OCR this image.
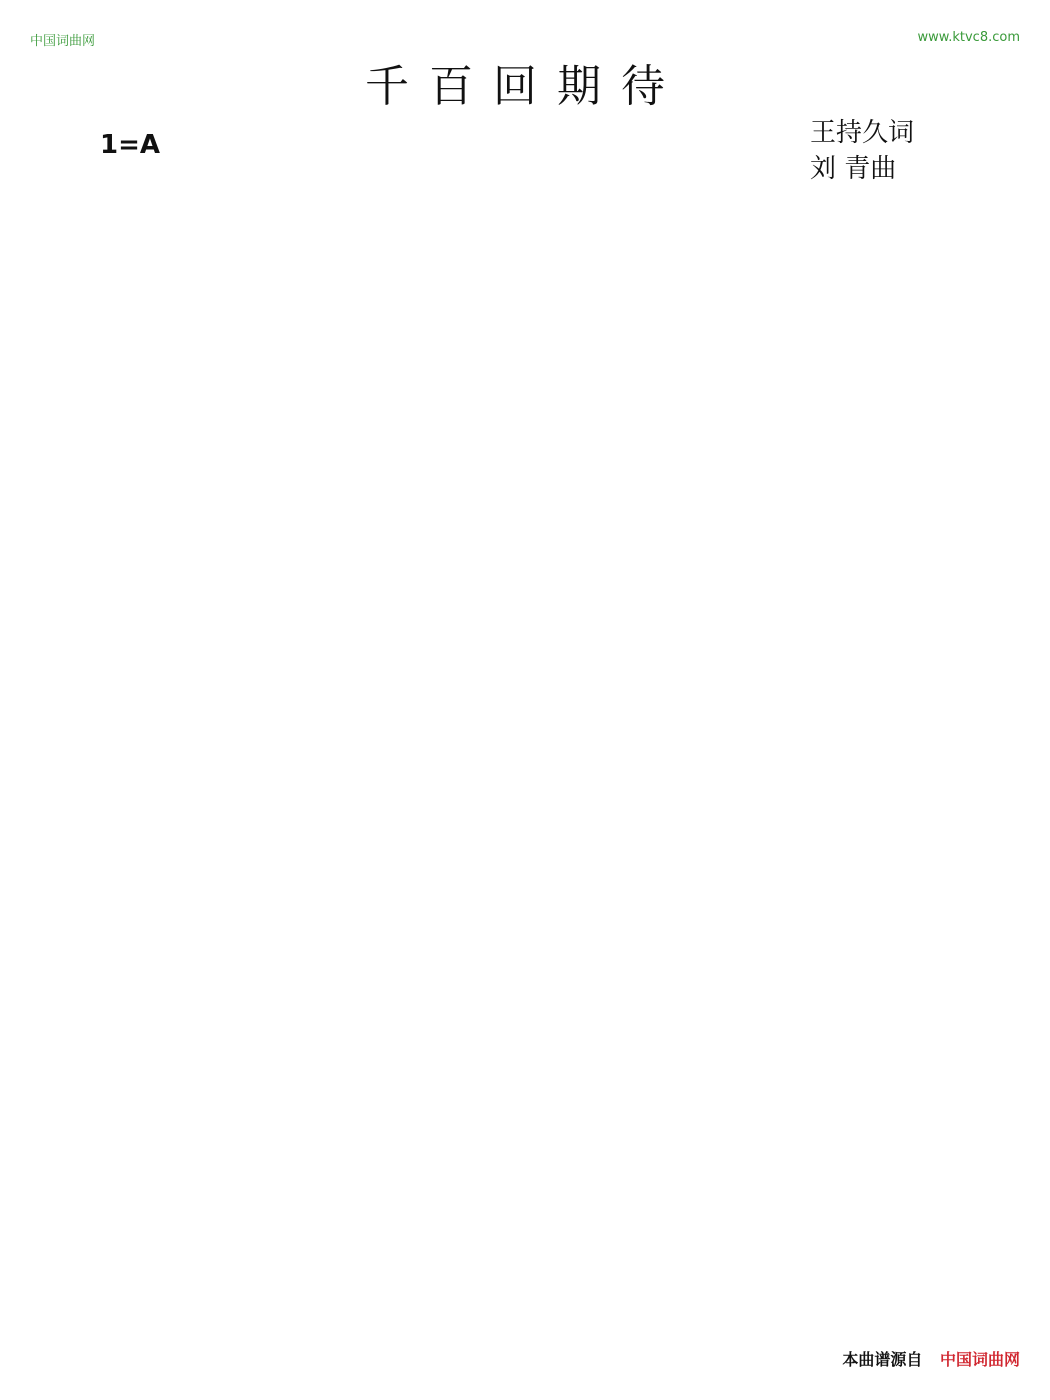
中国词曲网	www.ktvc8.com
千百回期待
1=A	王持久词
刘 青曲
本曲谱源自 中国词曲网
